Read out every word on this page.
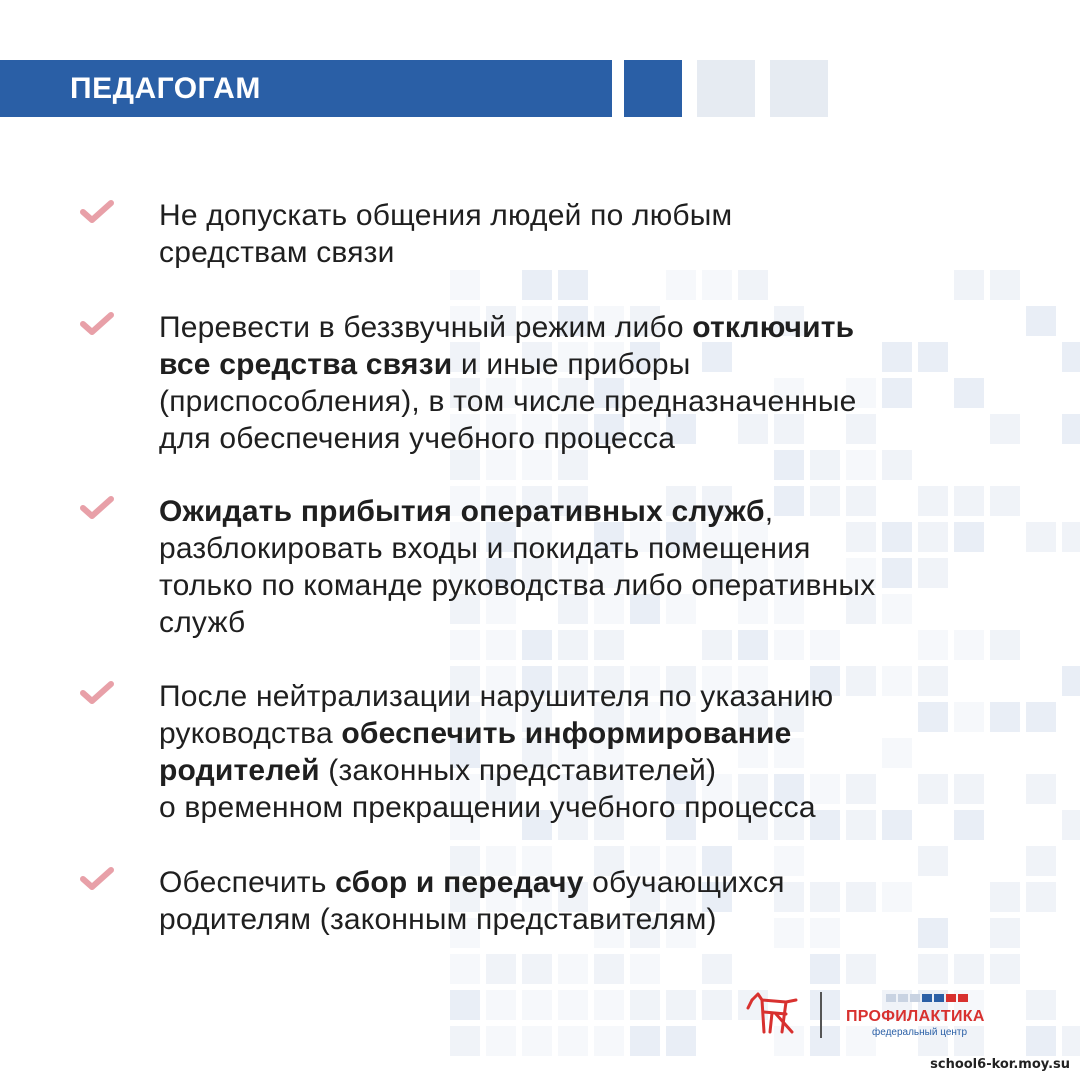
ПЕДАГОГАМ
Не допускать общения людей по любым
средствам связи
Перевести в беззвучный режим либо отключить
все средства связи и иные приборы
(приспособления), в том числе предназначенные
для обеспечения учебного процесса
Ожидать прибытия оперативных служб,
разблокировать входы и покидать помещения
только по команде руководства либо оперативных
служб
После нейтрализации нарушителя по указанию
руководства обеспечить информирование
родителей (законных представителей)
о временном прекращении учебного процесса
Обеспечить сбор и передачу обучающихся
родителям (законным представителям)
ПРОФИЛАКТИКА
федеральный центр
school6-kor.moy.su
